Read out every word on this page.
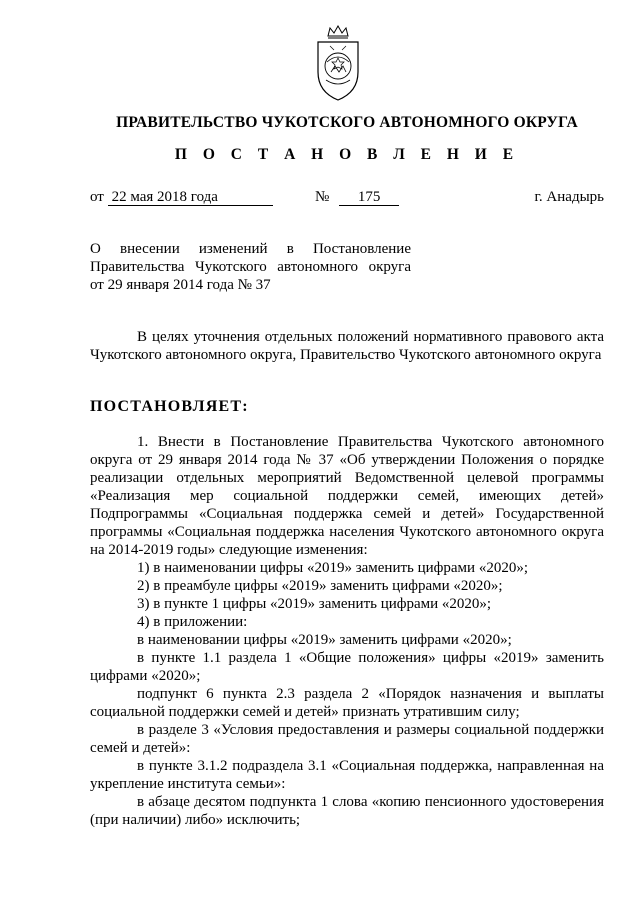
ПРАВИТЕЛЬСТВО ЧУКОТСКОГО АВТОНОМНОГО ОКРУГА
П О С Т А Н О В Л Е Н И Е
от 22 мая 2018 года	№ 175	г. Анадырь
О внесении изменений в Постановление
Правительства Чукотского автономного округа
от 29 января 2014 года № 37
В целях уточнения отдельных положений нормативного правового акта Чукотского автономного округа, Правительство Чукотского автономного округа
ПОСТАНОВЛЯЕТ:

1. Внести в Постановление Правительства Чукотского автономного округа от 29 января 2014 года № 37 «Об утверждении Положения о порядке реализации отдельных мероприятий Ведомственной целевой программы «Реализация мер социальной поддержки семей, имеющих детей» Подпрограммы «Социальная поддержка семей и детей» Государственной программы «Социальная поддержка населения Чукотского автономного округа на 2014-2019 годы» следующие изменения:

1) в наименовании цифры «2019» заменить цифрами «2020»;

2) в преамбуле цифры «2019» заменить цифрами «2020»;

3) в пункте 1 цифры «2019» заменить цифрами «2020»;

4) в приложении:

в наименовании цифры «2019» заменить цифрами «2020»;

в пункте 1.1 раздела 1 «Общие положения» цифры «2019» заменить цифрами «2020»;

подпункт 6 пункта 2.3 раздела 2 «Порядок назначения и выплаты социальной поддержки семей и детей» признать утратившим силу;

в разделе 3 «Условия предоставления и размеры социальной поддержки семей и детей»:

в пункте 3.1.2 подраздела 3.1 «Социальная поддержка, направленная на укрепление института семьи»:

в абзаце десятом подпункта 1 слова «копию пенсионного удостоверения (при наличии) либо» исключить;
